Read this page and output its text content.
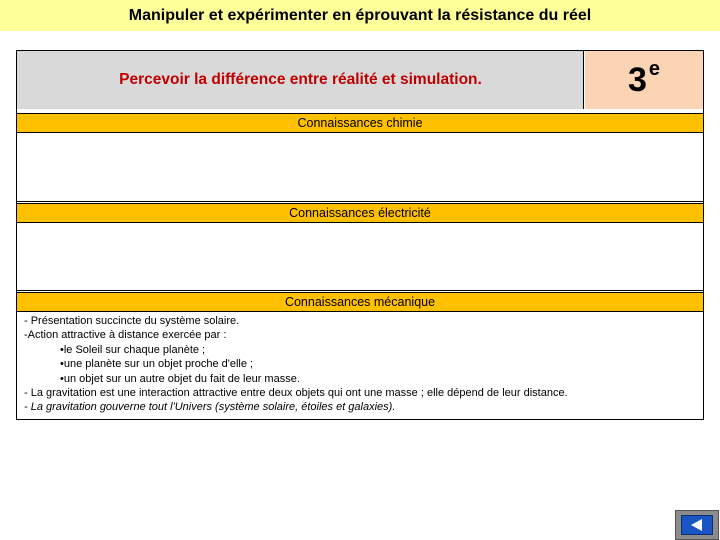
Manipuler et expérimenter en éprouvant la résistance du réel
Percevoir la différence entre réalité et simulation.	3 e
Connaissances chimie
Connaissances électricité
Connaissances mécanique
- Présentation succincte du système solaire.
-Action attractive à distance exercée par :
•le Soleil sur chaque planète ;
•une planète sur un objet proche d'elle ;
•un objet sur un autre objet du fait de leur masse.
- La gravitation est une interaction attractive entre deux objets qui ont une masse ; elle dépend de leur distance.
- La gravitation gouverne tout l'Univers (système solaire, étoiles et galaxies).
